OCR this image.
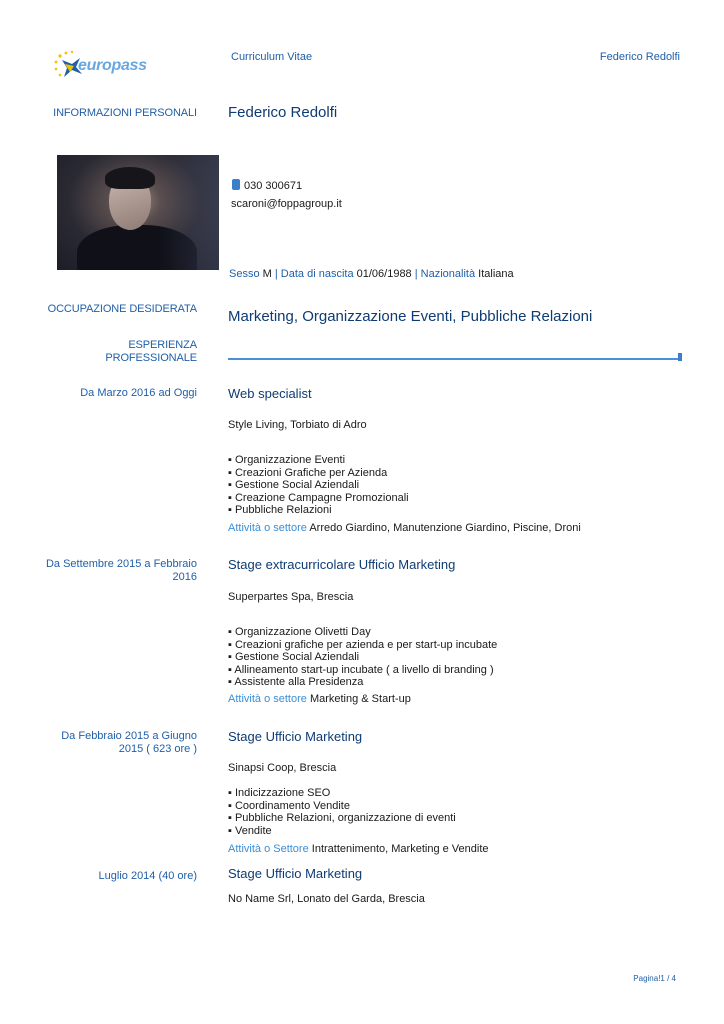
europass	Curriculum Vitae	Federico Redolfi
INFORMAZIONI PERSONALI Federico Redolfi
030 300671
scaroni@foppagroup.it
Sesso M | Data di nascita 01/06/1988 | Nazionalità Italiana
OCCUPAZIONE DESIDERATA Marketing, Organizzazione Eventi, Pubbliche Relazioni
ESPERIENZA
PROFESSIONALE
Da Marzo 2016 ad Oggi Web specialist
Style Living, Torbiato di Adro
▪ Organizzazione Eventi
▪ Creazioni Grafiche per Azienda
▪ Gestione Social Aziendali
▪ Creazione Campagne Promozionali
▪ Pubbliche Relazioni
Attività o settore Arredo Giardino, Manutenzione Giardino, Piscine, Droni
Da Settembre 2015 a Febbraio
2016
Stage extracurricolare Ufficio Marketing
Superpartes Spa, Brescia
▪ Organizzazione Olivetti Day
▪ Creazioni grafiche per azienda e per start-up incubate
▪ Gestione Social Aziendali
▪ Allineamento start-up incubate ( a livello di branding )
▪ Assistente alla Presidenza
Attività o settore Marketing & Start-up
Da Febbraio 2015 a Giugno
2015 ( 623 ore )
Stage Ufficio Marketing
Sinapsi Coop, Brescia
▪ Indicizzazione SEO
▪ Coordinamento Vendite
▪ Pubbliche Relazioni, organizzazione di eventi
▪ Vendite
Attività o Settore Intrattenimento, Marketing e Vendite
Luglio 2014 (40 ore) Stage Ufficio Marketing
No Name Srl, Lonato del Garda, Brescia
Pagina!1 / 4
